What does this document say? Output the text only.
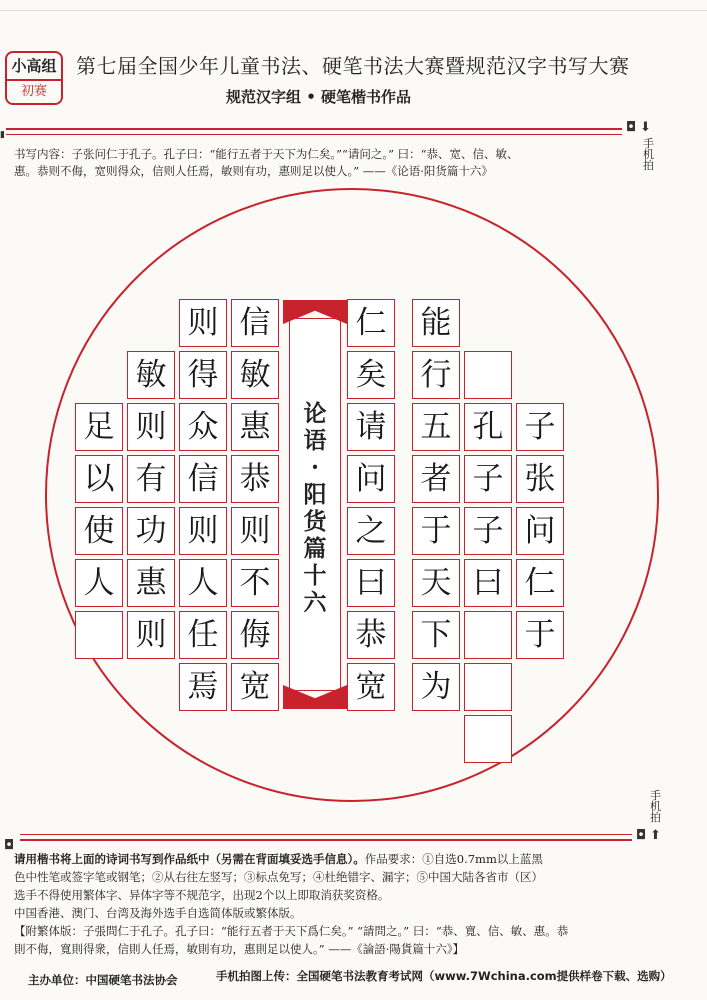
小高组
初赛
第七届全国少年儿童书法、硬笔书法大赛暨规范汉字书写大赛
规范汉字组 • 硬笔楷书作品
◘ ⬇
手机拍
▮
书写内容：子张问仁于孔子。孔子曰：“能行五者于天下为仁矣。”“请问之。” 曰：“恭、宽、信、敏、
惠。恭则不侮，宽则得众，信则人任焉，敏则有功，惠则足以使人。” ——《论语·阳货篇十六》
子
张
问
仁
于
孔
子
子
曰
能
行
五
者
于
天
下
为
仁
矣
请
问
之
曰
恭
宽
信
敏
惠
恭
则
不
侮
宽
则
得
众
信
则
人
任
焉
敏
则
有
功
惠
则
足
以
使
人
论
语
·
阳
货
篇
十
六
手机拍
◘ ⬆
◘
请用楷书将上面的诗词书写到作品纸中（另需在背面填妥选手信息）。作品要求：①自选0.7mm以上蓝黑
色中性笔或签字笔或钢笔；②从右往左竖写；③标点免写；④杜绝错字、漏字；⑤中国大陆各省市（区）
选手不得使用繁体字、异体字等不规范字，出现2个以上即取消获奖资格。
中国香港、澳门、台湾及海外选手自选简体版或繁体版。
【附繁体版：子張問仁于孔子。孔子曰：“能行五者于天下爲仁矣。” “請問之。” 曰：“恭、寬、信、敏、惠。恭
則不侮，寬則得衆，信則人任焉，敏則有功，惠則足以使人。” ——《論語·陽貨篇十六》】
主办单位：中国硬笔书法协会	手机拍图上传：全国硬笔书法教育考试网（www.7Wchina.com提供样卷下载、选购）
